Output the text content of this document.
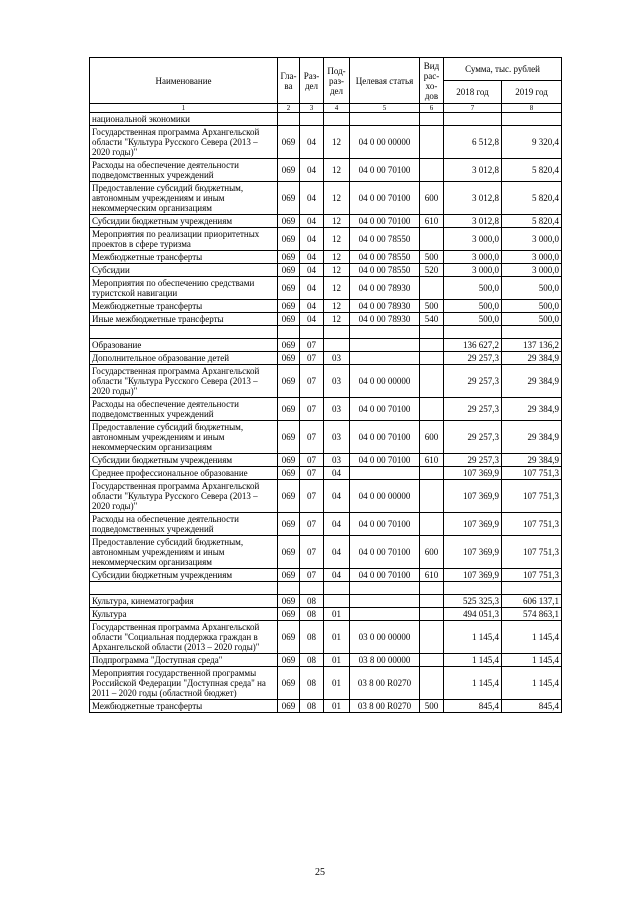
Наименование	Гла-ва	Раз-дел	Под-раз-дел	Целевая статья	Вид рас-хо-дов	Сумма, тыс. рублей	
						2018 год	2019 год
1	2	3	4	5	6	7	8
национальной экономики							
Государственная программа Архангельской области "Культура Русского Севера (2013 – 2020 годы)"	069	04	12	04 0 00 00000		6 512,8	9 320,4
Расходы на обеспечение деятельности подведомственных учреждений	069	04	12	04 0 00 70100		3 012,8	5 820,4
Предоставление субсидий бюджетным, автономным учреждениям и иным некоммерческим организациям	069	04	12	04 0 00 70100	600	3 012,8	5 820,4
Субсидии бюджетным учреждениям	069	04	12	04 0 00 70100	610	3 012,8	5 820,4
Мероприятия по реализации приоритетных проектов в сфере туризма	069	04	12	04 0 00 78550		3 000,0	3 000,0
Межбюджетные трансферты	069	04	12	04 0 00 78550	500	3 000,0	3 000,0
Субсидии	069	04	12	04 0 00 78550	520	3 000,0	3 000,0
Мероприятия по обеспечению средствами туристской навигации	069	04	12	04 0 00 78930		500,0	500,0
Межбюджетные трансферты	069	04	12	04 0 00 78930	500	500,0	500,0
Иные межбюджетные трансферты	069	04	12	04 0 00 78930	540	500,0	500,0

Образование	069	07				136 627,2	137 136,2
Дополнительное образование детей	069	07	03			29 257,3	29 384,9
Государственная программа Архангельской области "Культура Русского Севера (2013 – 2020 годы)"	069	07	03	04 0 00 00000		29 257,3	29 384,9
Расходы на обеспечение деятельности подведомственных учреждений	069	07	03	04 0 00 70100		29 257,3	29 384,9
Предоставление субсидий бюджетным, автономным учреждениям и иным некоммерческим организациям	069	07	03	04 0 00 70100	600	29 257,3	29 384,9
Субсидии бюджетным учреждениям	069	07	03	04 0 00 70100	610	29 257,3	29 384,9
Среднее профессиональное образование	069	07	04			107 369,9	107 751,3
Государственная программа Архангельской области "Культура Русского Севера (2013 – 2020 годы)"	069	07	04	04 0 00 00000		107 369,9	107 751,3
Расходы на обеспечение деятельности подведомственных учреждений	069	07	04	04 0 00 70100		107 369,9	107 751,3
Предоставление субсидий бюджетным, автономным учреждениям и иным некоммерческим организациям	069	07	04	04 0 00 70100	600	107 369,9	107 751,3
Субсидии бюджетным учреждениям	069	07	04	04 0 00 70100	610	107 369,9	107 751,3

Культура, кинематография	069	08				525 325,3	606 137,1
Культура	069	08	01			494 051,3	574 863,1
Государственная программа Архангельской области "Социальная поддержка граждан в Архангельской области (2013 – 2020 годы)"	069	08	01	03 0 00 00000		1 145,4	1 145,4
Подпрограмма "Доступная среда"	069	08	01	03 8 00 00000		1 145,4	1 145,4
Мероприятия государственной программы Российской Федерации "Доступная среда" на 2011 – 2020 годы (областной бюджет)	069	08	01	03 8 00 R0270		1 145,4	1 145,4
Межбюджетные трансферты	069	08	01	03 8 00 R0270	500	845,4	845,4
25
